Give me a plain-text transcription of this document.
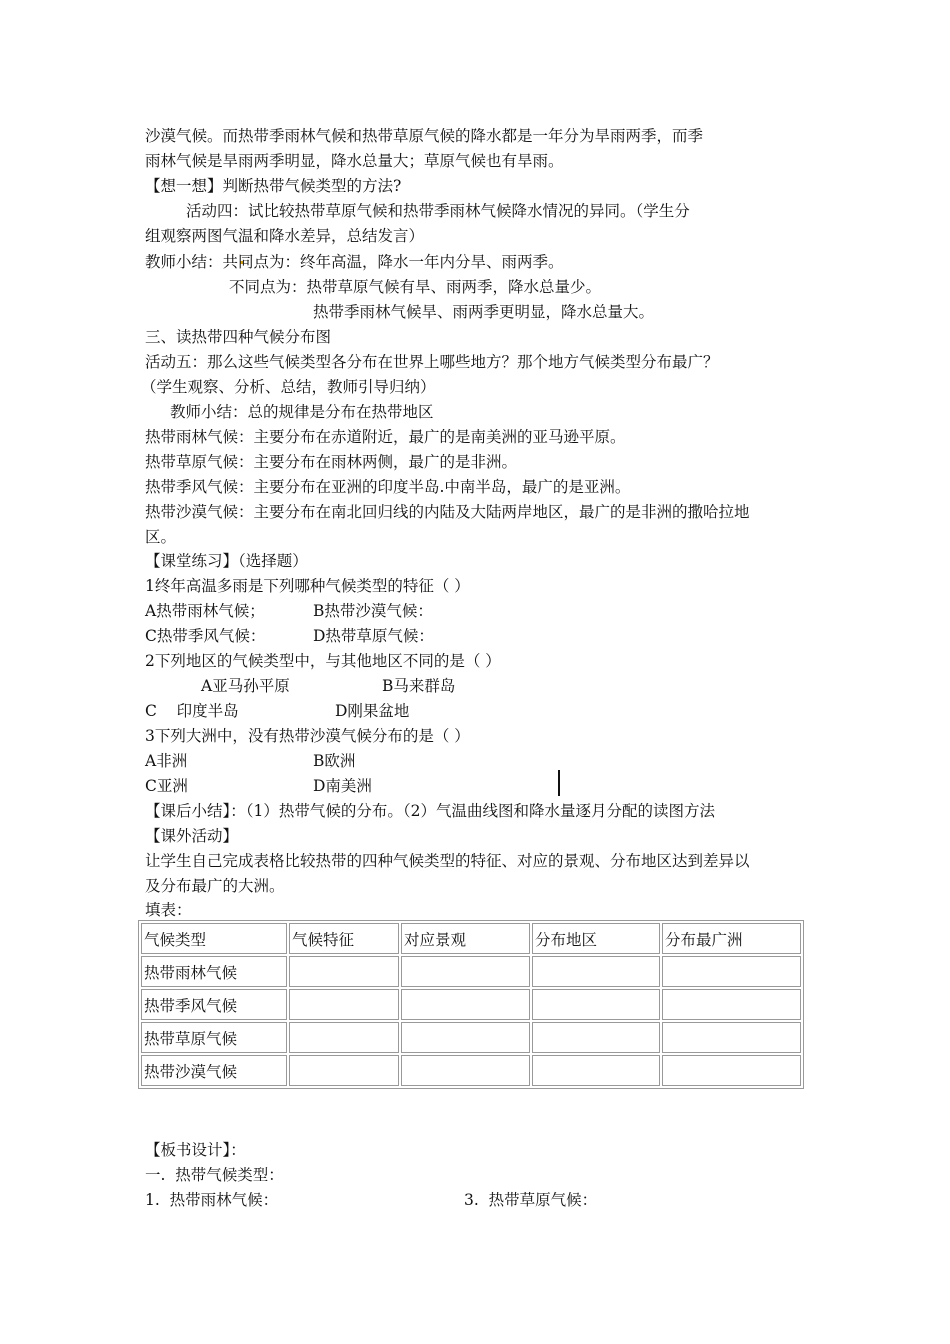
沙漠气候。而热带季雨林气候和热带草原气候的降水都是一年分为旱雨两季，而季
雨林气候是旱雨两季明显，降水总量大；草原气候也有旱雨。
【想一想】判断热带气候类型的方法?
活动四：试比较热带草原气候和热带季雨林气候降水情况的异同。（学生分
组观察两图气温和降水差异，总结发言）
教师小结：共同点为：终年高温，降水一年内分旱、雨两季。
不同点为：热带草原气候有旱、雨两季，降水总量少。
热带季雨林气候旱、雨两季更明显，降水总量大。
三、读热带四种气候分布图
活动五：那么这些气候类型各分布在世界上哪些地方？那个地方气候类型分布最广？
（学生观察、分析、总结，教师引导归纳）
教师小结：总的规律是分布在热带地区
热带雨林气候：主要分布在赤道附近，最广的是南美洲的亚马逊平原。
热带草原气候：主要分布在雨林两侧，最广的是非洲。
热带季风气候：主要分布在亚洲的印度半岛.中南半岛，最广的是亚洲。
热带沙漠气候：主要分布在南北回归线的内陆及大陆两岸地区，最广的是非洲的撒哈拉地
区。
【课堂练习】（选择题）
1终年高温多雨是下列哪种气候类型的特征（ ）
A热带雨林气候；	B热带沙漠气候：
C热带季风气候：	D热带草原气候：
2下列地区的气候类型中，与其他地区不同的是（ ）
A亚马孙平原	B马来群岛
C    印度半岛	D刚果盆地
3下列大洲中，没有热带沙漠气候分布的是（ ）
A非洲	B欧洲
C亚洲	D南美洲
【课后小结】：（1）热带气候的分布。（2）气温曲线图和降水量逐月分配的读图方法
【课外活动】
让学生自己完成表格比较热带的四种气候类型的特征、对应的景观、分布地区达到差异以
及分布最广的大洲。
填表：
气候类型	气候特征	对应景观	分布地区	分布最广洲
热带雨林气候				
热带季风气候				
热带草原气候				
热带沙漠气候				
【板书设计】：
一.  热带气候类型：
1.  热带雨林气候：	3.  热带草原气候：
